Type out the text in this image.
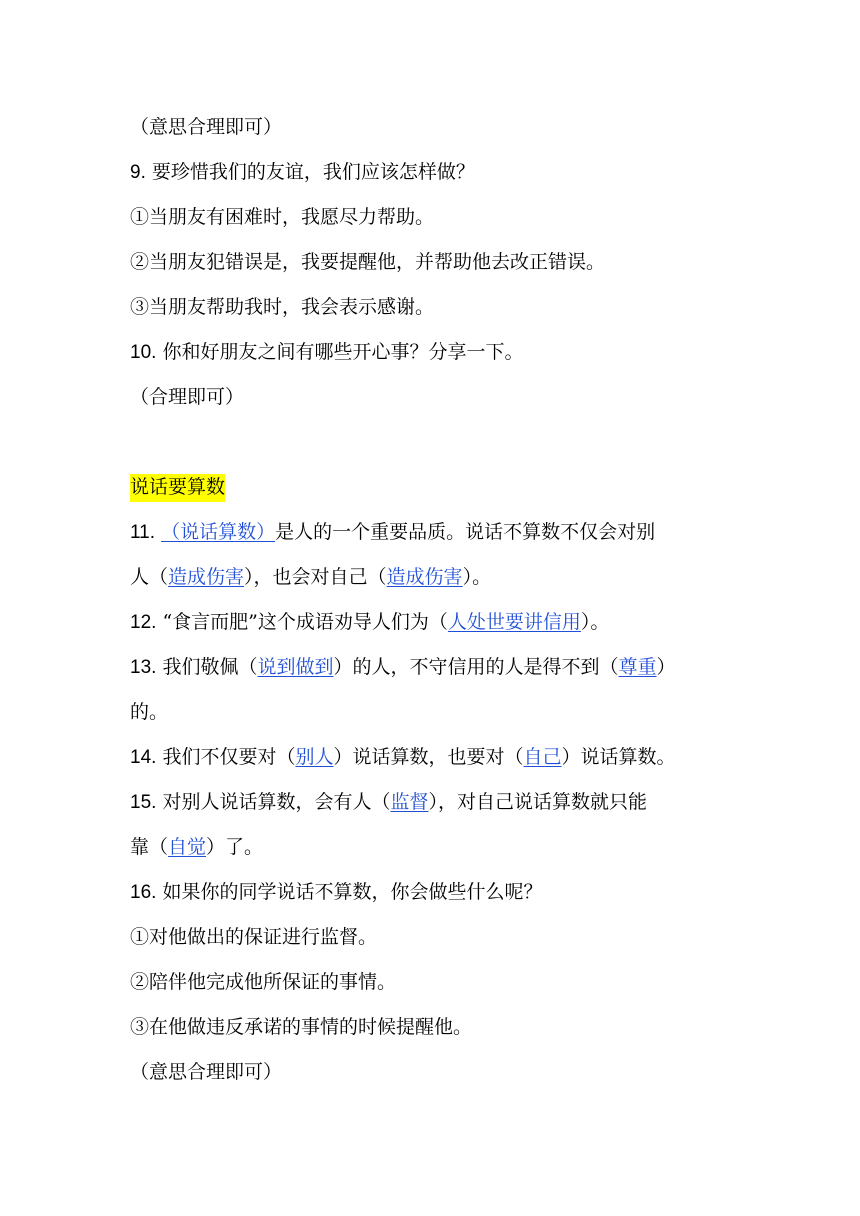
（意思合理即可）
9. 要珍惜我们的友谊，我们应该怎样做？
①当朋友有困难时，我愿尽力帮助。
②当朋友犯错误是，我要提醒他，并帮助他去改正错误。
③当朋友帮助我时，我会表示感谢。
10. 你和好朋友之间有哪些开心事？分享一下。
（合理即可）
说话要算数
11. （说话算数）是人的一个重要品质。说话不算数不仅会对别
人（造成伤害），也会对自己（造成伤害）。
12. “食言而肥”这个成语劝导人们为（人处世要讲信用）。
13. 我们敬佩（说到做到）的人，不守信用的人是得不到（尊重）
的。
14. 我们不仅要对（别人）说话算数，也要对（自己）说话算数。
15. 对别人说话算数，会有人（监督），对自己说话算数就只能
靠（自觉）了。
16. 如果你的同学说话不算数，你会做些什么呢？
①对他做出的保证进行监督。
②陪伴他完成他所保证的事情。
③在他做违反承诺的事情的时候提醒他。
（意思合理即可）
